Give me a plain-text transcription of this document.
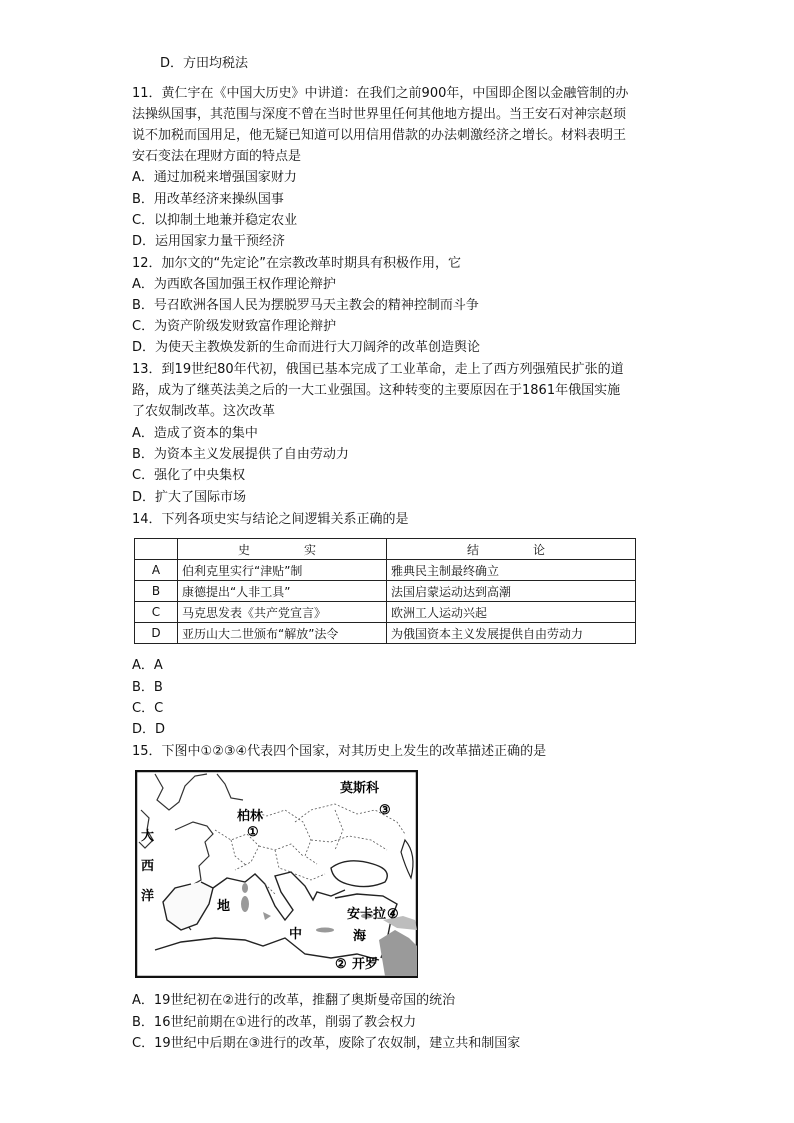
D．方田均税法
11．黄仁宇在《中国大历史》中讲道：在我们之前900年，中国即企图以金融管制的办
法操纵国事，其范围与深度不曾在当时世界里任何其他地方提出。当王安石对神宗赵顼
说不加税而国用足，他无疑已知道可以用信用借款的办法刺激经济之增长。材料表明王
安石变法在理财方面的特点是
A．通过加税来增强国家财力
B．用改革经济来操纵国事
C．以抑制土地兼并稳定农业
D．运用国家力量干预经济
12．加尔文的“先定论”在宗教改革时期具有积极作用，它
A．为西欧各国加强王权作理论辩护
B．号召欧洲各国人民为摆脱罗马天主教会的精神控制而斗争
C．为资产阶级发财致富作理论辩护
D．为使天主教焕发新的生命而进行大刀阔斧的改革创造舆论
13．到19世纪80年代初，俄国已基本完成了工业革命，走上了西方列强殖民扩张的道
路，成为了继英法美之后的一大工业强国。这种转变的主要原因在于1861年俄国实施
了农奴制改革。这次改革
A．造成了资本的集中
B．为资本主义发展提供了自由劳动力
C．强化了中央集权
D．扩大了国际市场
14．下列各项史实与结论之间逻辑关系正确的是
	史　　实	结　　论
A	伯利克里实行“津贴”制	雅典民主制最终确立
B	康德提出“人非工具”	法国启蒙运动达到高潮
C	马克思发表《共产党宣言》	欧洲工人运动兴起
D	亚历山大二世颁布“解放”法令	为俄国资本主义发展提供自由劳动力
A．A
B．B
C．C
D．D
15．下图中①②③④代表四个国家，对其历史上发生的改革描述正确的是
莫斯科
③
柏林
①
大
西
洋
地
中	海
安卡拉 ④
② 开罗
A．19世纪初在②进行的改革，推翻了奥斯曼帝国的统治
B．16世纪前期在①进行的改革，削弱了教会权力
C．19世纪中后期在③进行的改革，废除了农奴制，建立共和制国家
